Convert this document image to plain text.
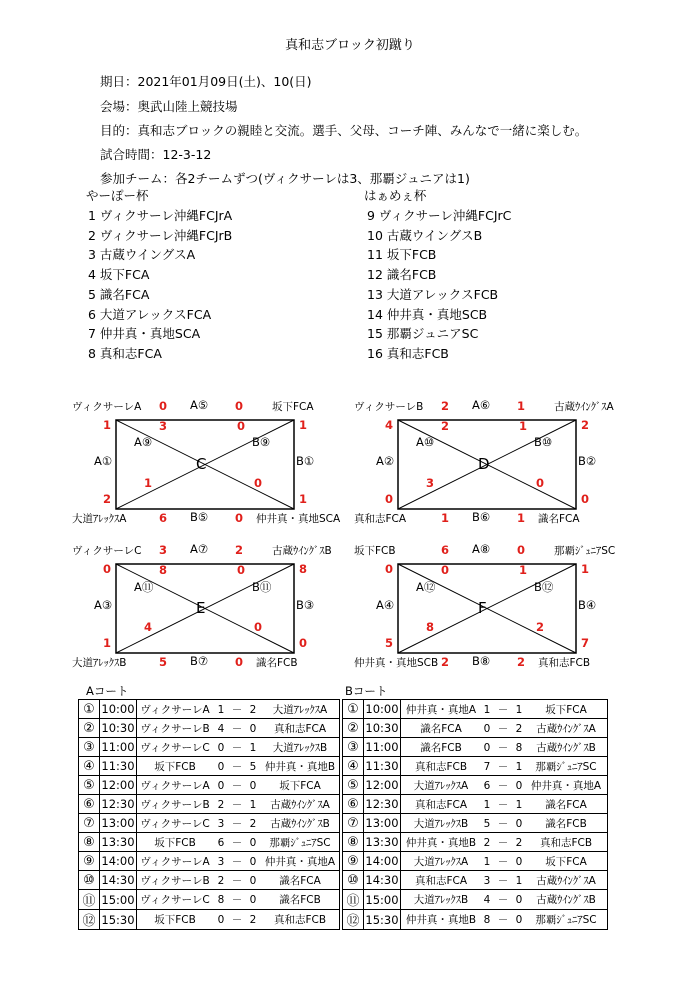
真和志ブロック初蹴り
期日：2021年01月09日(土)、10(日)
会場：奥武山陸上競技場
目的：真和志ブロックの親睦と交流。選手、父母、コーチ陣、みんなで一緒に楽しむ。
試合時間：12-3-12
参加チーム：各2チームずつ(ヴィクサーレは3、那覇ジュニアは1)
やーぽー杯	はぁめぇ杯
1 ヴィクサーレ沖縄FCJrA
2 ヴィクサーレ沖縄FCJrB
3 古蔵ウイングスA
4 坂下FCA
5 識名FCA
6 大道アレックスFCA
7 仲井真・真地SCA
8 真和志FCA
9 ヴィクサーレ沖縄FCJrC
10 古蔵ウイングスB
11 坂下FCB
12 識名FCB
13 大道アレックスFCB
14 仲井真・真地SCB
15 那覇ジュニアSC
16 真和志FCB
ヴィクサーレA	坂下FCA
大道ｱﾚｯｸｽA	仲井真・真地SCA
A⑤
B⑤
A①	B①
A⑨	B⑨
C
0	0
6	0
1
2
1
1
3
0
0
1
ヴィクサーレB	古蔵ｳｲﾝｸﾞｽA
真和志FCA	識名FCA
A⑥
B⑥
A②	B②
A⑩	B⑩
D
2	1
1	1
4
0
2
0
2
0
1
3
ヴィクサーレC	古蔵ｳｲﾝｸﾞｽB
大道ｱﾚｯｸｽB	識名FCB
A⑦
B⑦
A③	B③
A⑪	B⑪
E
3	2
5	0
0
1
8
0
8
0
0
4
坂下FCB	那覇ｼﾞｭﾆｱSC
仲井真・真地SCB	真和志FCB
A⑧
B⑧
A④	B④
A⑫	B⑫
F
6	0
2	2
0
5
1
7
0
2
1
8
Aコート	Bコート
①	10:00	ヴィクサーレA 1 － 2 大道ｱﾚｯｸｽA
②	10:30	ヴィクサーレB 4 － 0 真和志FCA
③	11:00	ヴィクサーレC 0 － 1 大道ｱﾚｯｸｽB
④	11:30	坂下FCB 0 － 5 仲井真・真地B
⑤	12:00	ヴィクサーレA 0 － 0 坂下FCA
⑥	12:30	ヴィクサーレB 2 － 1 古蔵ｳｲﾝｸﾞｽA
⑦	13:00	ヴィクサーレC 3 － 2 古蔵ｳｲﾝｸﾞｽB
⑧	13:30	坂下FCB 6 － 0 那覇ｼﾞｭﾆｱSC
⑨	14:00	ヴィクサーレA 3 － 0 仲井真・真地A
⑩	14:30	ヴィクサーレB 2 － 0 識名FCA
⑪	15:00	ヴィクサーレC 8 － 0 識名FCB
⑫	15:30	坂下FCB 0 － 2 真和志FCB
①	10:00	仲井真・真地A 1 － 1 坂下FCA
②	10:30	識名FCA 0 － 2 古蔵ｳｲﾝｸﾞｽA
③	11:00	識名FCB 0 － 8 古蔵ｳｲﾝｸﾞｽB
④	11:30	真和志FCB 7 － 1 那覇ｼﾞｭﾆｱSC
⑤	12:00	大道ｱﾚｯｸｽA 6 － 0 仲井真・真地A
⑥	12:30	真和志FCA 1 － 1 識名FCA
⑦	13:00	大道ｱﾚｯｸｽB 5 － 0 識名FCB
⑧	13:30	仲井真・真地B 2 － 2 真和志FCB
⑨	14:00	大道ｱﾚｯｸｽA 1 － 0 坂下FCA
⑩	14:30	真和志FCA 3 － 1 古蔵ｳｲﾝｸﾞｽA
⑪	15:00	大道ｱﾚｯｸｽB 4 － 0 古蔵ｳｲﾝｸﾞｽB
⑫	15:30	仲井真・真地B 8 － 0 那覇ｼﾞｭﾆｱSC
